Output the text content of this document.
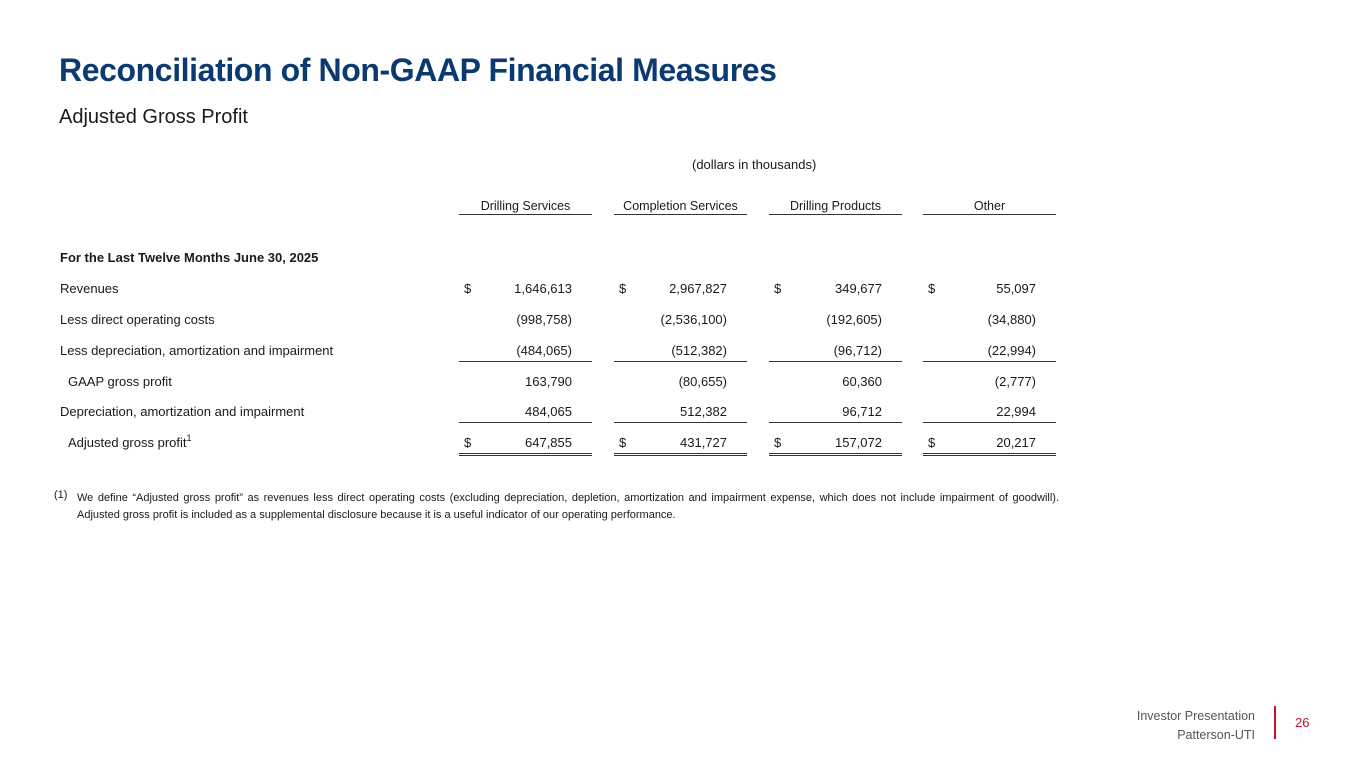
Reconciliation of Non-GAAP Financial Measures
Adjusted Gross Profit
(dollars in thousands)
Drilling Services	Completion Services	Drilling Products	Other
For the Last Twelve Months June 30, 2025
Revenues	$	1,646,613	$	2,967,827	$	349,677	$	55,097
Less direct operating costs	(998,758)	(2,536,100)	(192,605)	(34,880)
Less depreciation, amortization and impairment	(484,065)	(512,382)	(96,712)	(22,994)
GAAP gross profit	163,790	(80,655)	60,360	(2,777)
Depreciation, amortization and impairment	484,065	512,382	96,712	22,994
Adjusted gross profit$^1$	$	647,855	$	431,727	$	157,072	$	20,217
(1) We define “Adjusted gross profit” as revenues less direct operating costs (excluding depreciation, depletion, amortization and impairment expense, which does not include impairment of goodwill). Adjusted gross profit is included as a supplemental disclosure because it is a useful indicator of our operating performance.
Investor Presentation
Patterson-UTI
26
